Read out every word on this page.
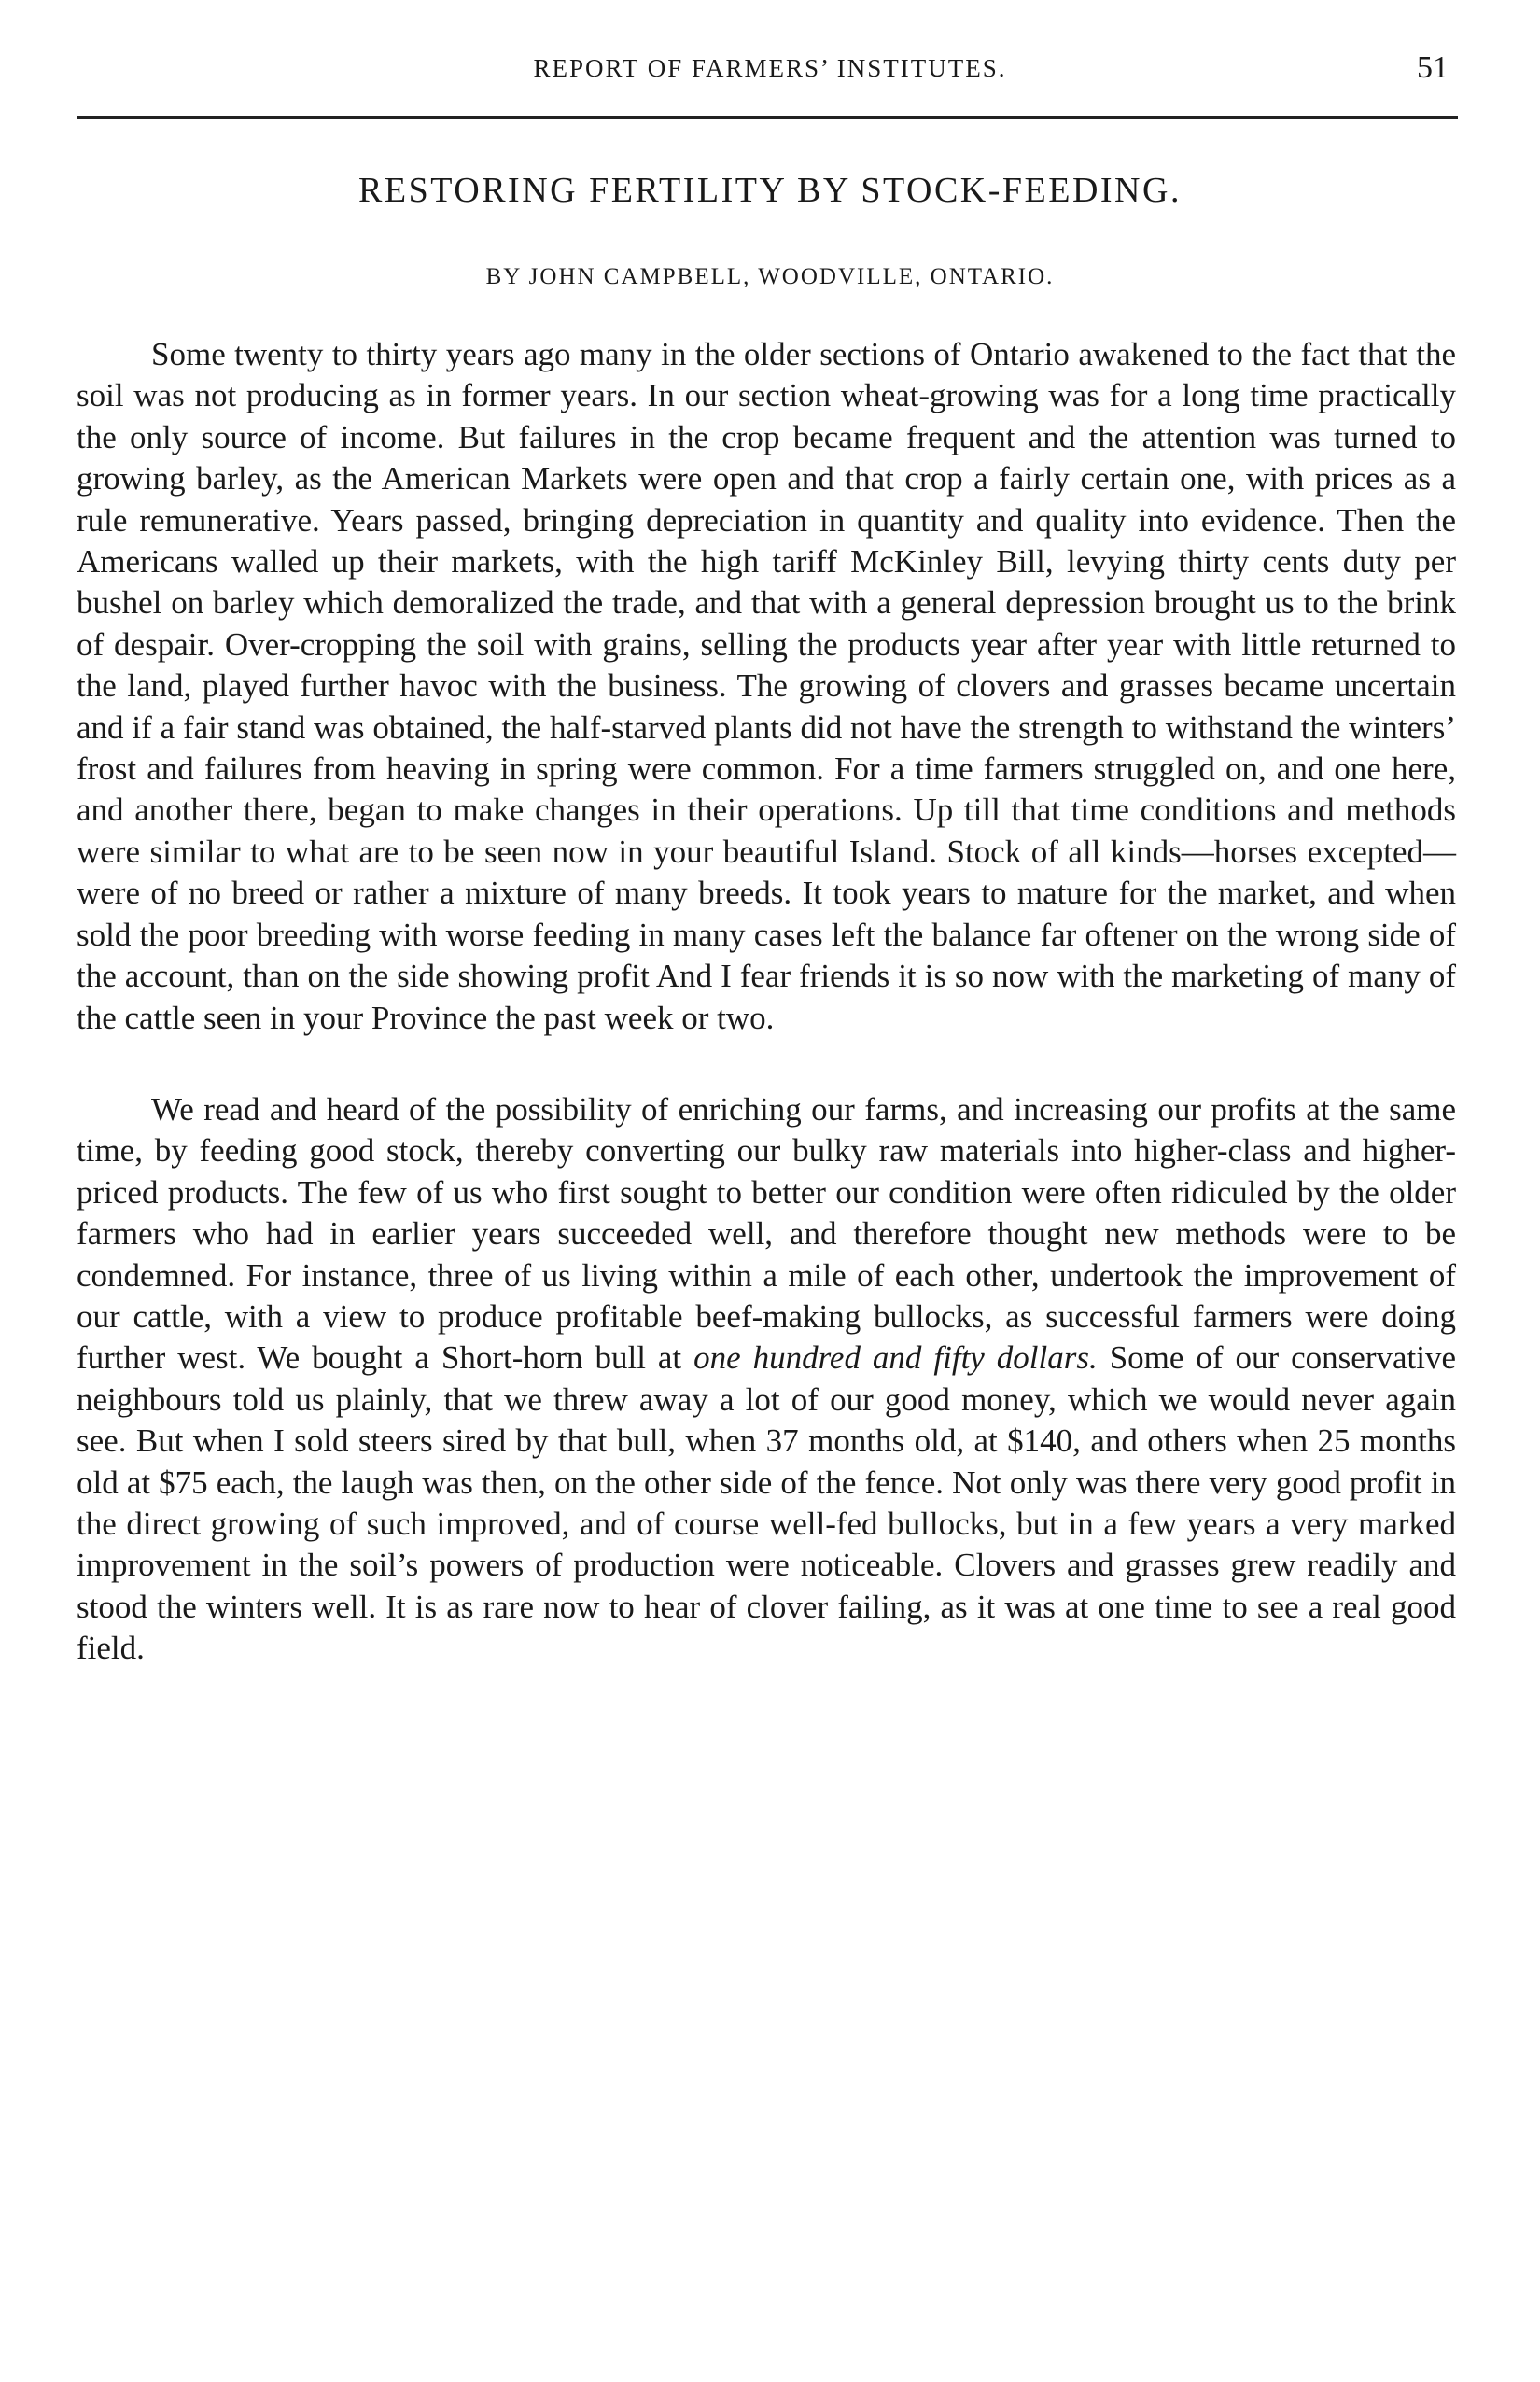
REPORT OF FARMERS’ INSTITUTES.	51
RESTORING FERTILITY BY STOCK-FEEDING.
BY JOHN CAMPBELL, WOODVILLE, ONTARIO.

Some twenty to thirty years ago many in the older sections of Ontario awakened to the fact that the soil was not producing as in former years. In our section wheat-growing was for a long time practically the only source of income. But failures in the crop became frequent and the attention was turned to growing barley, as the American Markets were open and that crop a fairly certain one, with prices as a rule remunerative. Years passed, bringing depreciation in quantity and quality into evidence. Then the Americans walled up their markets, with the high tariff McKinley Bill, levying thirty cents duty per bushel on barley which demoralized the trade, and that with a general depression brought us to the brink of despair. Over-cropping the soil with grains, selling the products year after year with little returned to the land, played further havoc with the business. The growing of clovers and grasses became uncertain and if a fair stand was obtained, the half-starved plants did not have the strength to withstand the winters’ frost and failures from heaving in spring were common. For a time farmers struggled on, and one here, and another there, began to make changes in their operations. Up till that time conditions and methods were similar to what are to be seen now in your beautiful Island. Stock of all kinds—horses excepted—were of no breed or rather a mixture of many breeds. It took years to mature for the market, and when sold the poor breeding with worse feeding in many cases left the balance far oftener on the wrong side of the account, than on the side showing profit And I fear friends it is so now with the marketing of many of the cattle seen in your Province the past week or two.

We read and heard of the possibility of enriching our farms, and increasing our profits at the same time, by feeding good stock, thereby converting our bulky raw materials into higher-class and higher-priced products. The few of us who first sought to better our condition were often ridiculed by the older farmers who had in earlier years succeeded well, and therefore thought new methods were to be condemned. For instance, three of us living within a mile of each other, undertook the improvement of our cattle, with a view to produce profitable beef-making bullocks, as successful farmers were doing further west. We bought a Short-horn bull at one hundred and fifty dollars. Some of our conservative neighbours told us plainly, that we threw away a lot of our good money, which we would never again see. But when I sold steers sired by that bull, when 37 months old, at $140, and others when 25 months old at $75 each, the laugh was then, on the other side of the fence. Not only was there very good profit in the direct growing of such improved, and of course well-fed bullocks, but in a few years a very marked improvement in the soil’s powers of production were noticeable. Clovers and grasses grew readily and stood the winters well. It is as rare now to hear of clover failing, as it was at one time to see a real good field.
